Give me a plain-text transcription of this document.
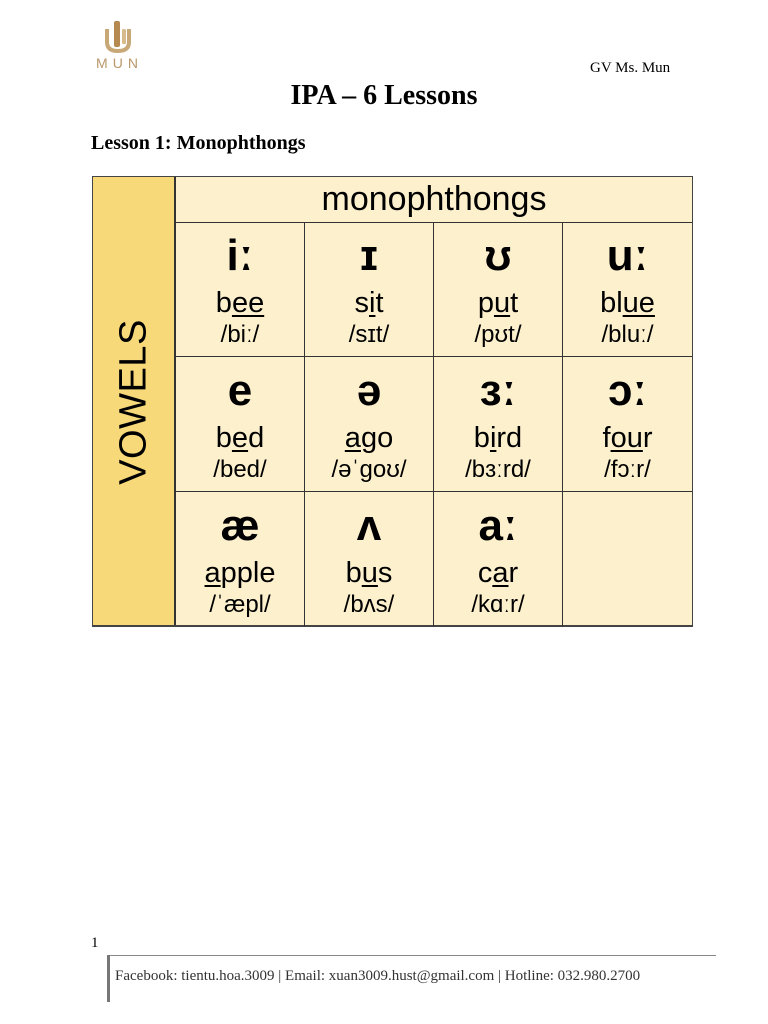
MUN	GV Ms. Mun
IPA – 6 Lessons
Lesson 1: Monophthongs
VOWELS
monophthongs
iː
bee
/biː/
ɪ
sit
/sɪt/
ʊ
put
/pʊt/
uː
blue
/bluː/
e
bed
/bed/
ə
ago
/əˈgoʊ/
ɜː
bird
/bɜːrd/
ɔː
four
/fɔːr/
æ
apple
/ˈæpl/
ʌ
bus
/bʌs/
aː
car
/kɑːr/
1
Facebook: tientu.hoa.3009 | Email: xuan3009.hust@gmail.com | Hotline: 032.980.2700
